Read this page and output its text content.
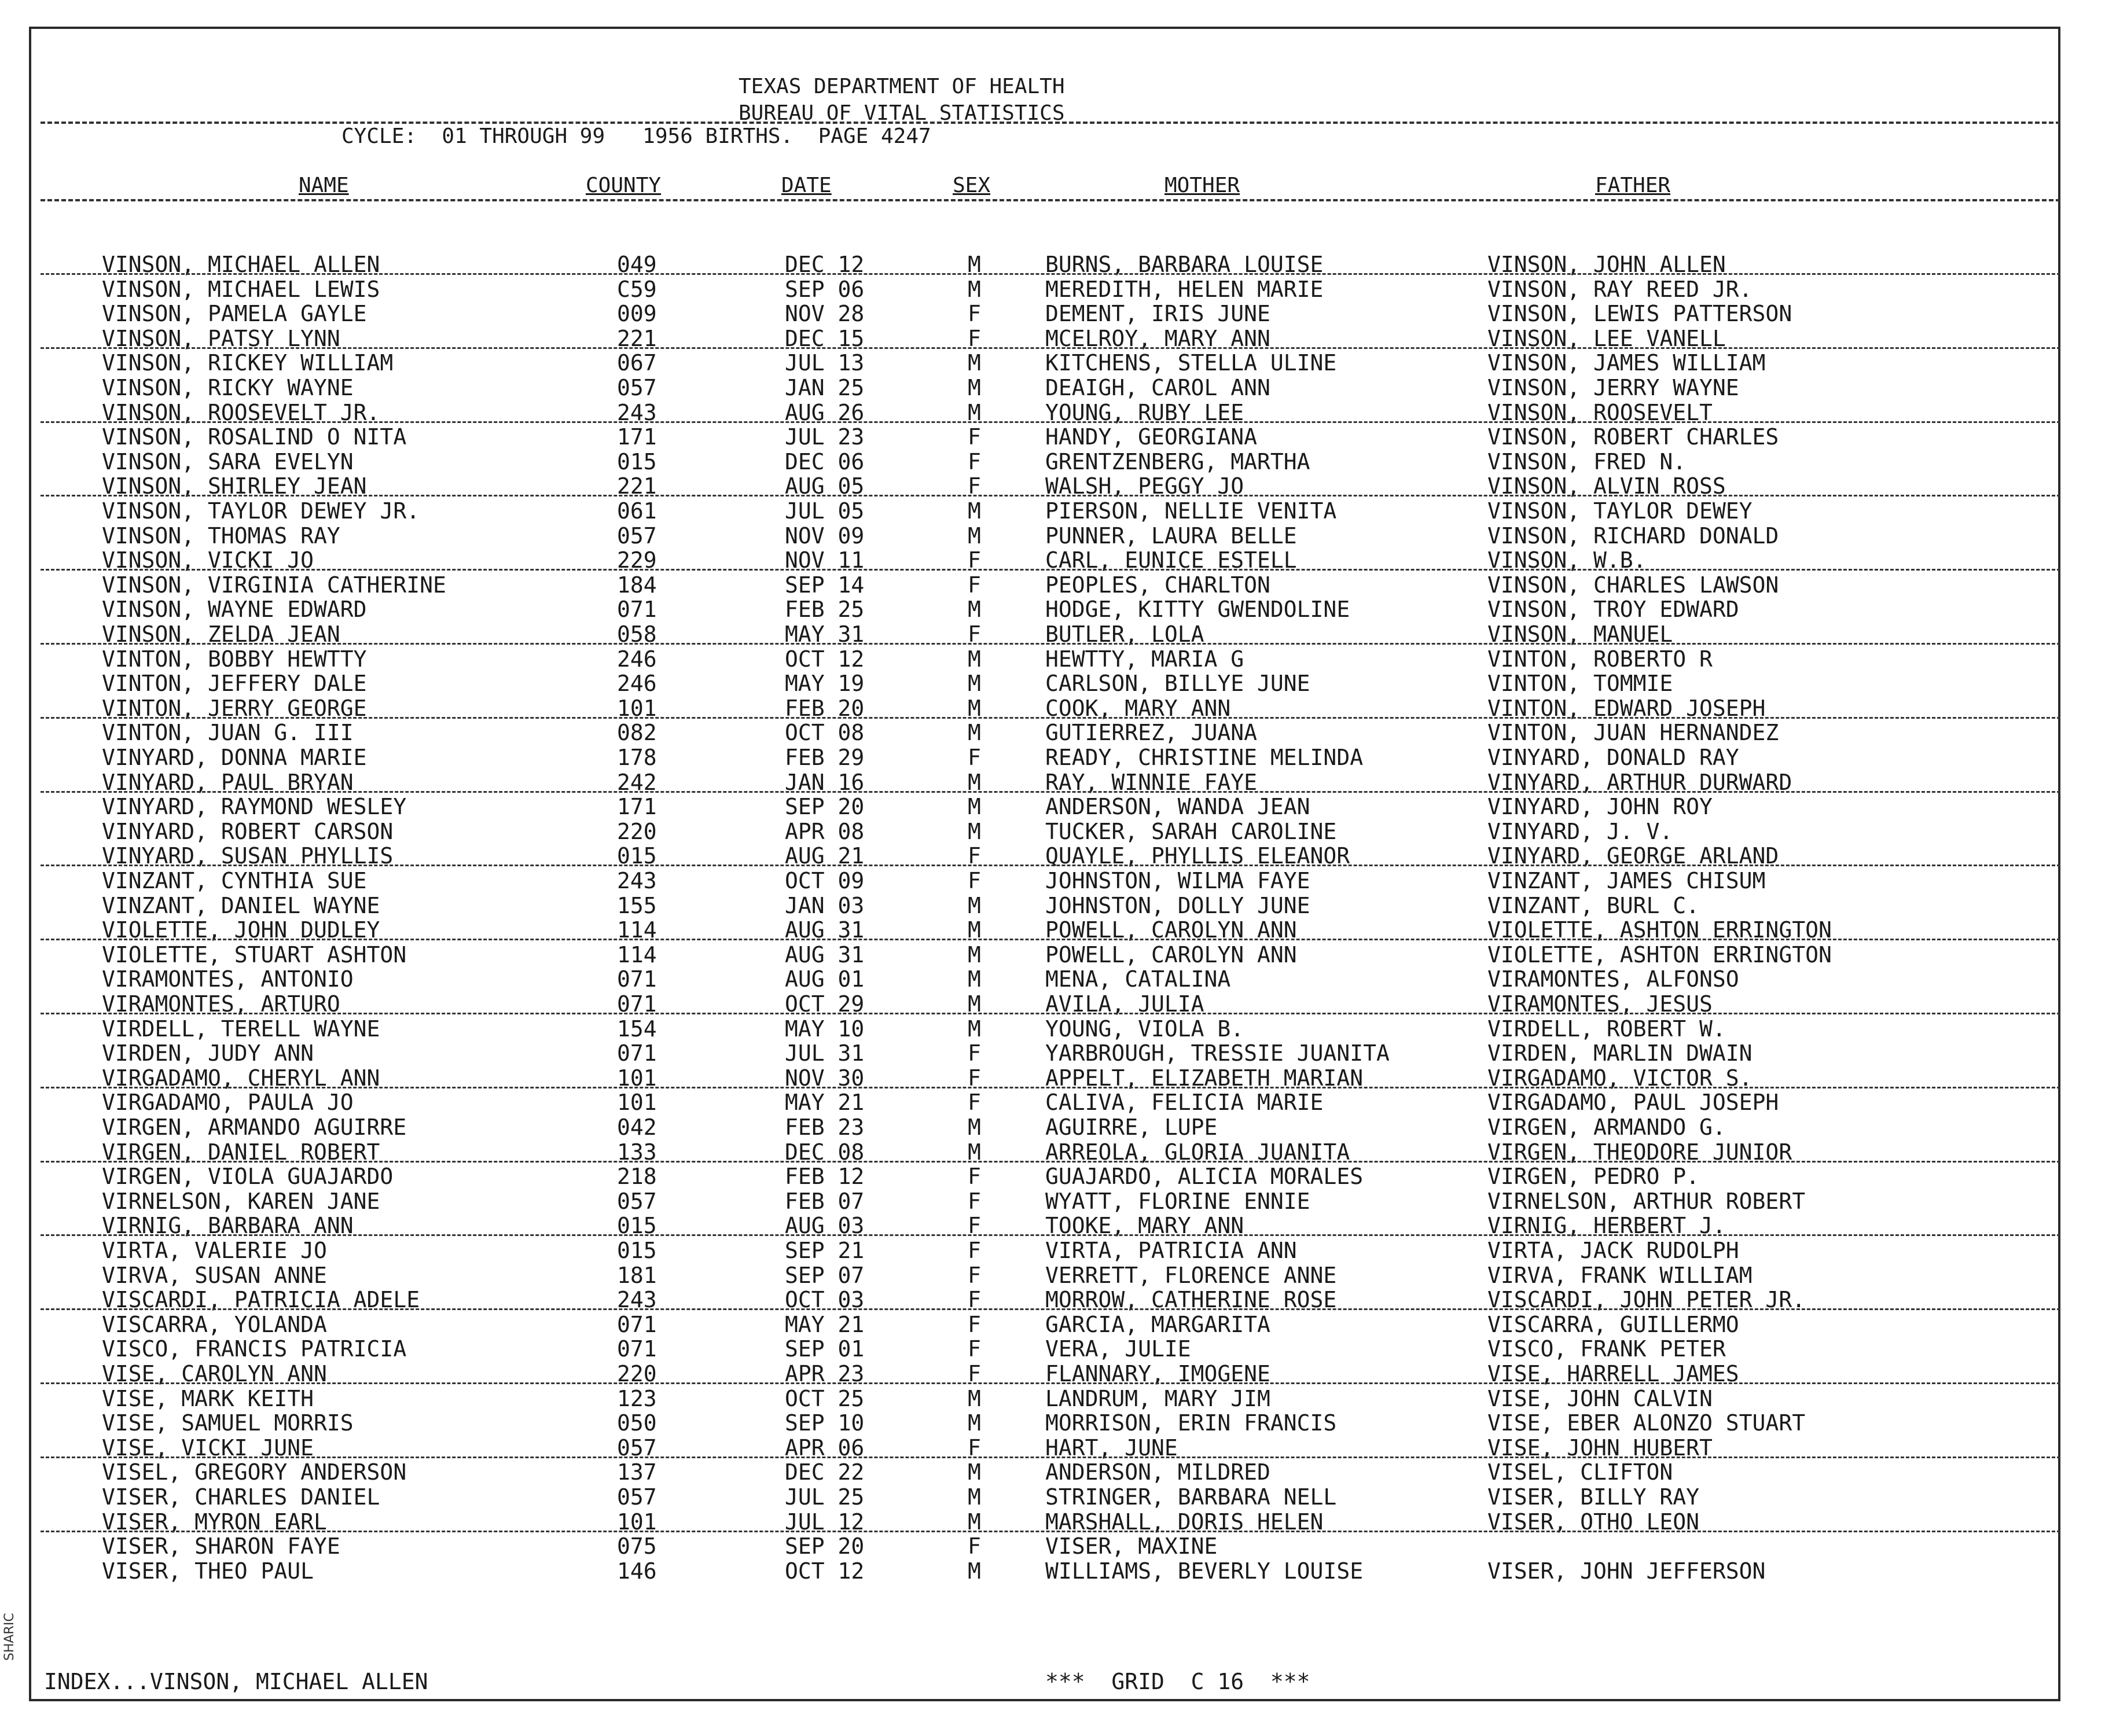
TEXAS DEPARTMENT OF HEALTH
BUREAU OF VITAL STATISTICS
CYCLE:  01 THROUGH 99   1956 BIRTHS.  PAGE 4247
NAME	COUNTY	DATE	SEX	MOTHER	FATHER
VINSON, MICHAEL ALLEN	049	DEC 12	M	BURNS, BARBARA LOUISE	VINSON, JOHN ALLEN
VINSON, MICHAEL LEWIS	C59	SEP 06	M	MEREDITH, HELEN MARIE	VINSON, RAY REED JR.
VINSON, PAMELA GAYLE	009	NOV 28	F	DEMENT, IRIS JUNE	VINSON, LEWIS PATTERSON
VINSON, PATSY LYNN	221	DEC 15	F	MCELROY, MARY ANN	VINSON, LEE VANELL
VINSON, RICKEY WILLIAM	067	JUL 13	M	KITCHENS, STELLA ULINE	VINSON, JAMES WILLIAM
VINSON, RICKY WAYNE	057	JAN 25	M	DEAIGH, CAROL ANN	VINSON, JERRY WAYNE
VINSON, ROOSEVELT JR.	243	AUG 26	M	YOUNG, RUBY LEE	VINSON, ROOSEVELT
VINSON, ROSALIND O NITA	171	JUL 23	F	HANDY, GEORGIANA	VINSON, ROBERT CHARLES
VINSON, SARA EVELYN	015	DEC 06	F	GRENTZENBERG, MARTHA	VINSON, FRED N.
VINSON, SHIRLEY JEAN	221	AUG 05	F	WALSH, PEGGY JO	VINSON, ALVIN ROSS
VINSON, TAYLOR DEWEY JR.	061	JUL 05	M	PIERSON, NELLIE VENITA	VINSON, TAYLOR DEWEY
VINSON, THOMAS RAY	057	NOV 09	M	PUNNER, LAURA BELLE	VINSON, RICHARD DONALD
VINSON, VICKI JO	229	NOV 11	F	CARL, EUNICE ESTELL	VINSON, W.B.
VINSON, VIRGINIA CATHERINE	184	SEP 14	F	PEOPLES, CHARLTON	VINSON, CHARLES LAWSON
VINSON, WAYNE EDWARD	071	FEB 25	M	HODGE, KITTY GWENDOLINE	VINSON, TROY EDWARD
VINSON, ZELDA JEAN	058	MAY 31	F	BUTLER, LOLA	VINSON, MANUEL
VINTON, BOBBY HEWTTY	246	OCT 12	M	HEWTTY, MARIA G	VINTON, ROBERTO R
VINTON, JEFFERY DALE	246	MAY 19	M	CARLSON, BILLYE JUNE	VINTON, TOMMIE
VINTON, JERRY GEORGE	101	FEB 20	M	COOK, MARY ANN	VINTON, EDWARD JOSEPH
VINTON, JUAN G. III	082	OCT 08	M	GUTIERREZ, JUANA	VINTON, JUAN HERNANDEZ
VINYARD, DONNA MARIE	178	FEB 29	F	READY, CHRISTINE MELINDA	VINYARD, DONALD RAY
VINYARD, PAUL BRYAN	242	JAN 16	M	RAY, WINNIE FAYE	VINYARD, ARTHUR DURWARD
VINYARD, RAYMOND WESLEY	171	SEP 20	M	ANDERSON, WANDA JEAN	VINYARD, JOHN ROY
VINYARD, ROBERT CARSON	220	APR 08	M	TUCKER, SARAH CAROLINE	VINYARD, J. V.
VINYARD, SUSAN PHYLLIS	015	AUG 21	F	QUAYLE, PHYLLIS ELEANOR	VINYARD, GEORGE ARLAND
VINZANT, CYNTHIA SUE	243	OCT 09	F	JOHNSTON, WILMA FAYE	VINZANT, JAMES CHISUM
VINZANT, DANIEL WAYNE	155	JAN 03	M	JOHNSTON, DOLLY JUNE	VINZANT, BURL C.
VIOLETTE, JOHN DUDLEY	114	AUG 31	M	POWELL, CAROLYN ANN	VIOLETTE, ASHTON ERRINGTON
VIOLETTE, STUART ASHTON	114	AUG 31	M	POWELL, CAROLYN ANN	VIOLETTE, ASHTON ERRINGTON
VIRAMONTES, ANTONIO	071	AUG 01	M	MENA, CATALINA	VIRAMONTES, ALFONSO
VIRAMONTES, ARTURO	071	OCT 29	M	AVILA, JULIA	VIRAMONTES, JESUS
VIRDELL, TERELL WAYNE	154	MAY 10	M	YOUNG, VIOLA B.	VIRDELL, ROBERT W.
VIRDEN, JUDY ANN	071	JUL 31	F	YARBROUGH, TRESSIE JUANITA	VIRDEN, MARLIN DWAIN
VIRGADAMO, CHERYL ANN	101	NOV 30	F	APPELT, ELIZABETH MARIAN	VIRGADAMO, VICTOR S.
VIRGADAMO, PAULA JO	101	MAY 21	F	CALIVA, FELICIA MARIE	VIRGADAMO, PAUL JOSEPH
VIRGEN, ARMANDO AGUIRRE	042	FEB 23	M	AGUIRRE, LUPE	VIRGEN, ARMANDO G.
VIRGEN, DANIEL ROBERT	133	DEC 08	M	ARREOLA, GLORIA JUANITA	VIRGEN, THEODORE JUNIOR
VIRGEN, VIOLA GUAJARDO	218	FEB 12	F	GUAJARDO, ALICIA MORALES	VIRGEN, PEDRO P.
VIRNELSON, KAREN JANE	057	FEB 07	F	WYATT, FLORINE ENNIE	VIRNELSON, ARTHUR ROBERT
VIRNIG, BARBARA ANN	015	AUG 03	F	TOOKE, MARY ANN	VIRNIG, HERBERT J.
VIRTA, VALERIE JO	015	SEP 21	F	VIRTA, PATRICIA ANN	VIRTA, JACK RUDOLPH
VIRVA, SUSAN ANNE	181	SEP 07	F	VERRETT, FLORENCE ANNE	VIRVA, FRANK WILLIAM
VISCARDI, PATRICIA ADELE	243	OCT 03	F	MORROW, CATHERINE ROSE	VISCARDI, JOHN PETER JR.
VISCARRA, YOLANDA	071	MAY 21	F	GARCIA, MARGARITA	VISCARRA, GUILLERMO
VISCO, FRANCIS PATRICIA	071	SEP 01	F	VERA, JULIE	VISCO, FRANK PETER
VISE, CAROLYN ANN	220	APR 23	F	FLANNARY, IMOGENE	VISE, HARRELL JAMES
VISE, MARK KEITH	123	OCT 25	M	LANDRUM, MARY JIM	VISE, JOHN CALVIN
VISE, SAMUEL MORRIS	050	SEP 10	M	MORRISON, ERIN FRANCIS	VISE, EBER ALONZO STUART
VISE, VICKI JUNE	057	APR 06	F	HART, JUNE	VISE, JOHN HUBERT
VISEL, GREGORY ANDERSON	137	DEC 22	M	ANDERSON, MILDRED	VISEL, CLIFTON
VISER, CHARLES DANIEL	057	JUL 25	M	STRINGER, BARBARA NELL	VISER, BILLY RAY
VISER, MYRON EARL	101	JUL 12	M	MARSHALL, DORIS HELEN	VISER, OTHO LEON
VISER, SHARON FAYE	075	SEP 20	F	VISER, MAXINE
VISER, THEO PAUL	146	OCT 12	M	WILLIAMS, BEVERLY LOUISE	VISER, JOHN JEFFERSON
INDEX...VINSON, MICHAEL ALLEN	***  GRID  C 16  ***
SHARIC
